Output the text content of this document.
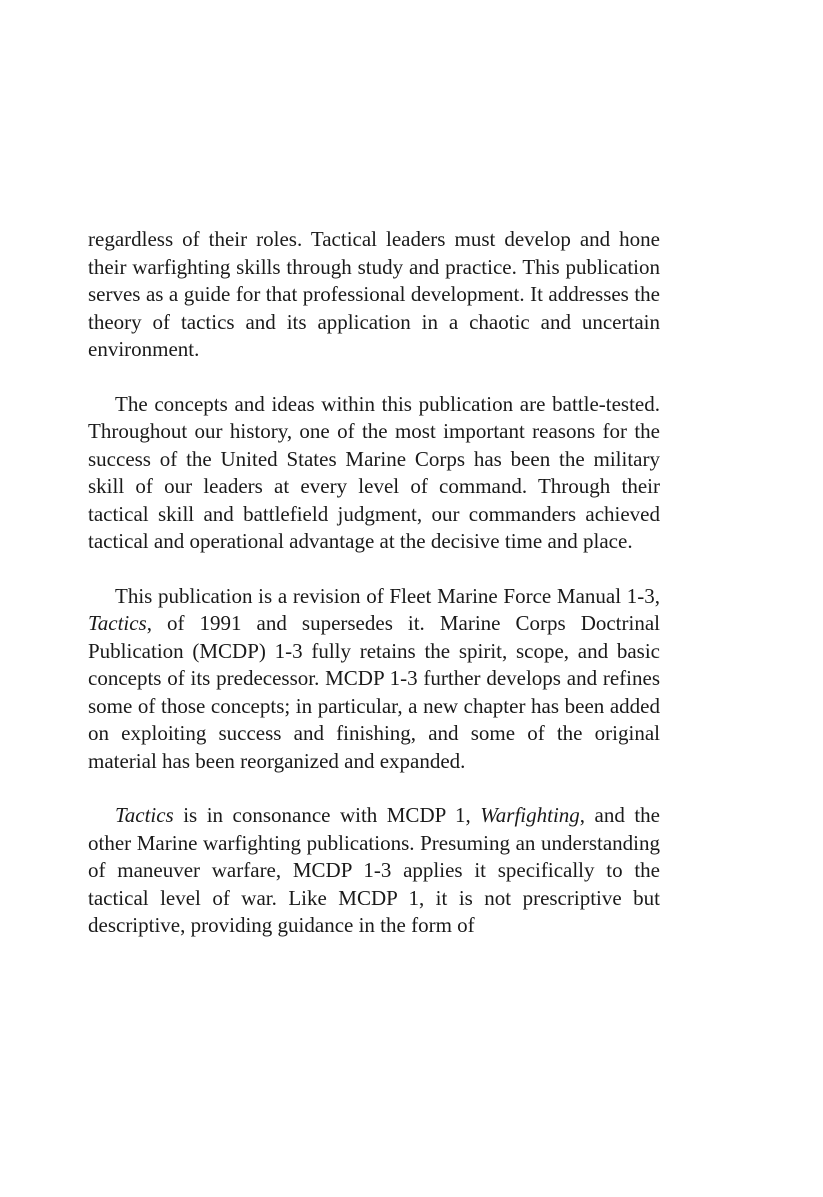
regardless of their roles. Tactical leaders must develop and hone their warfighting skills through study and practice. This publication serves as a guide for that professional development. It addresses the theory of tactics and its application in a chaotic and uncertain environment.

The concepts and ideas within this publication are battle-tested. Throughout our history, one of the most important reasons for the success of the United States Marine Corps has been the military skill of our leaders at every level of command. Through their tactical skill and battlefield judgment, our commanders achieved tactical and operational advantage at the decisive time and place.

This publication is a revision of Fleet Marine Force Manual 1-3, Tactics, of 1991 and supersedes it. Marine Corps Doctrinal Publication (MCDP) 1-3 fully retains the spirit, scope, and basic concepts of its predecessor. MCDP 1-3 further develops and refines some of those concepts; in particular, a new chapter has been added on exploiting success and finishing, and some of the original material has been reorganized and expanded.

Tactics is in consonance with MCDP 1, Warfighting, and the other Marine warfighting publications. Presuming an understanding of maneuver warfare, MCDP 1-3 applies it specifically to the tactical level of war. Like MCDP 1, it is not prescriptive but descriptive, providing guidance in the form of
